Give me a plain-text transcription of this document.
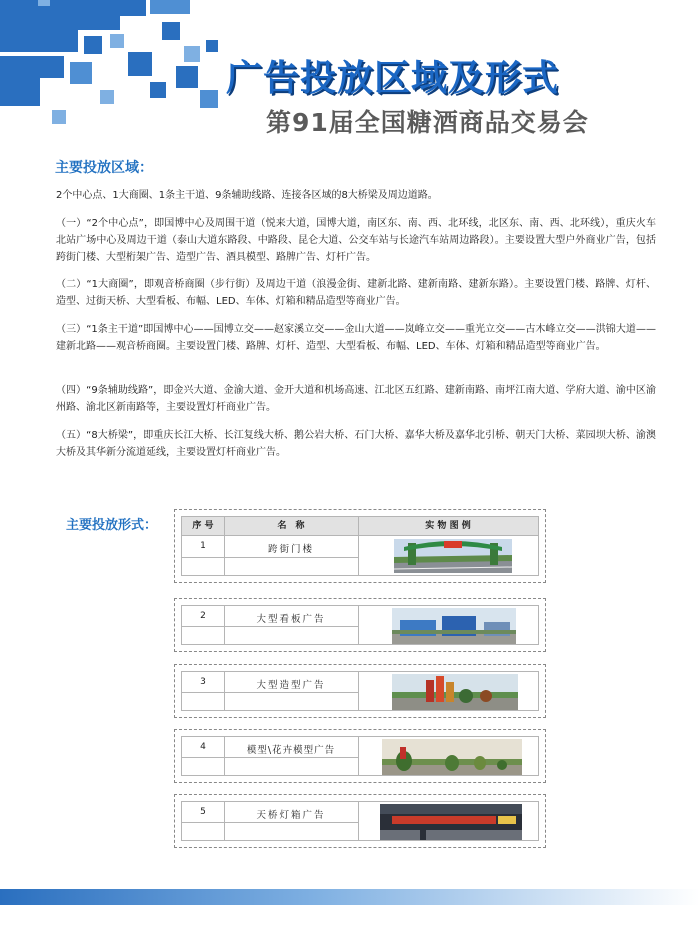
广告投放区域及形式
第91届全国糖酒商品交易会
主要投放区域：

2个中心点、1大商圈、1条主干道、9条辅助线路、连接各区域的8大桥梁及周边道路。

（一）“2个中心点”，即国博中心及周围干道（悦来大道，国博大道，南区东、南、西、北环线，北区东、南、西、北环线），重庆火车北站广场中心及周边干道（泰山大道东路段、中路段、昆仑大道、公交车站与长途汽车站周边路段）。主要设置大型户外商业广告，包括跨街门楼、大型桁架广告、造型广告、酒具模型、路牌广告、灯杆广告。

（二）“1大商圈”，即观音桥商圈（步行街）及周边干道（浪漫金街、建新北路、建新南路、建新东路）。主要设置门楼、路牌、灯杆、造型、过街天桥、大型看板、布幅、LED、车体、灯箱和精品造型等商业广告。

（三）“1条主干道”即国博中心——国博立交——赵家溪立交——金山大道——岚峰立交——重光立交——古木峰立交——洪锦大道——建新北路——观音桥商圈。主要设置门楼、路牌、灯杆、造型、大型看板、布幅、LED、车体、灯箱和精品造型等商业广告。

（四）“9条辅助线路”，即金兴大道、金渝大道、金开大道和机场高速、江北区五红路、建新南路、南坪江南大道、学府大道、渝中区渝州路、渝北区新南路等，主要设置灯杆商业广告。

（五）“8大桥梁”，即重庆长江大桥、长江复线大桥、鹅公岩大桥、石门大桥、嘉华大桥及嘉华北引桥、朝天门大桥、菜园坝大桥、渝澳大桥及其华新分流道延线，主要设置灯杆商业广告。

主要投放形式：	序 号	名　称	实 物 图 例
1	跨街门楼
2	大型看板广告
3	大型造型广告
4	模型\花卉模型广告
5	天桥灯箱广告
